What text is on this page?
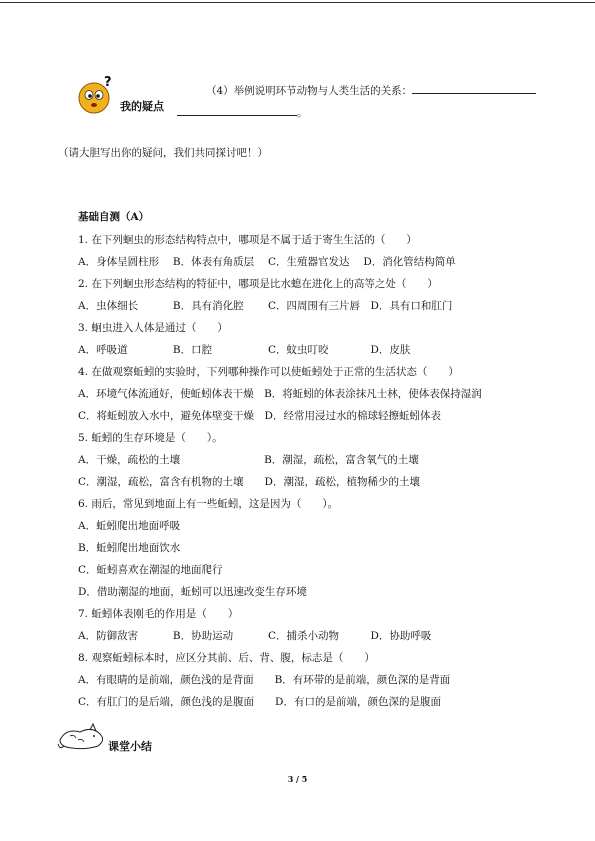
?
我的疑点
（4）举例说明环节动物与人类生活的关系：
。
（请大胆写出你的疑问，我们共同探讨吧！）
基础自测（A）
1. 在下列蛔虫的形态结构特点中，哪项是不属于适于寄生生活的（　　）
A．身体呈圆柱形　 B．体表有角质层　 C．生殖器官发达　 D．消化管结构简单
2. 在下列蛔虫形态结构的特征中，哪项是比水螅在进化上的高等之处（　　）
A．虫体细长　　　 B．具有消化腔　　 C．四周围有三片唇　D．具有口和肛门
3. 蛔虫进入人体是通过（　　）
A．呼吸道　　　　 B．口腔　　　　　 C．蚊虫叮咬　　　　D．皮肤
4. 在做观察蚯蚓的实验时，下列哪种操作可以使蚯蚓处于正常的生活状态（　　）
A．环境气体流通好，使蚯蚓体表干燥　B．将蚯蚓的体表涂抹凡士林，使体表保持湿润
C．将蚯蚓放入水中，避免体壁变干燥　D．经常用浸过水的棉球轻擦蚯蚓体表
5. 蚯蚓的生存环境是（　　）。
A．干燥，疏松的土壤　　　　　　　　B．潮湿，疏松，富含氧气的土壤
C．潮湿，疏松，富含有机物的土壤　　D．潮湿，疏松，植物稀少的土壤
6. 雨后，常见到地面上有一些蚯蚓，这是因为（　　）。
A．蚯蚓爬出地面呼吸
B．蚯蚓爬出地面饮水
C．蚯蚓喜欢在潮湿的地面爬行
D．借助潮湿的地面，蚯蚓可以迅速改变生存环境
7. 蚯蚓体表刚毛的作用是（　　）
A．防御敌害　　　 B．协助运动　　　 C．捕杀小动物　　　D．协助呼吸
8. 观察蚯蚓标本时，应区分其前、后、背、腹，标志是（　　）
A．有眼睛的是前端，颜色浅的是背面　　B．有环带的是前端，颜色深的是背面
C．有肛门的是后端，颜色浅的是腹面　　D．有口的是前端，颜色深的是腹面
课堂小结
3 / 5
